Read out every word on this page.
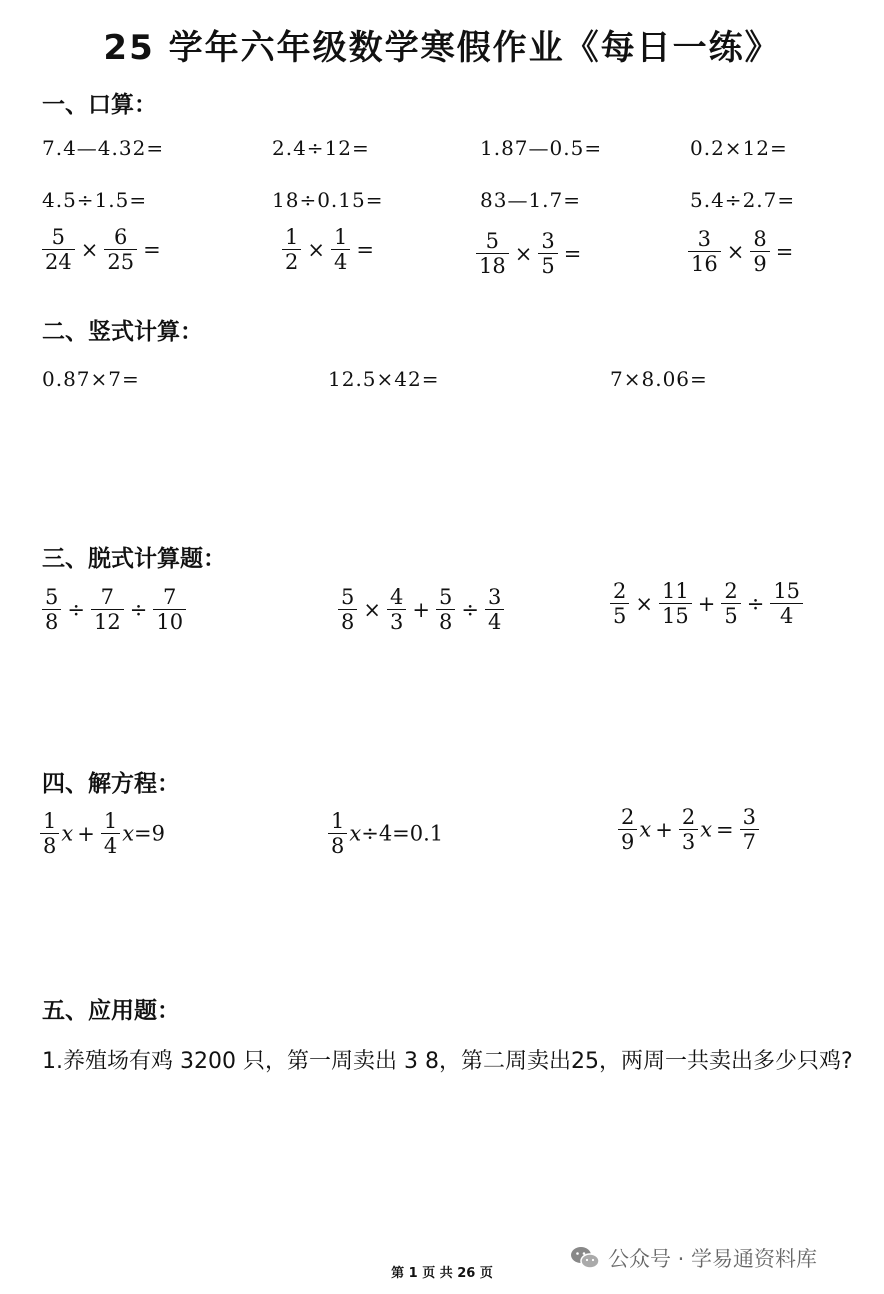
25 学年六年级数学寒假作业《每日一练》
一、口算：
7.4—4.32=	2.4÷12=	1.87—0.5=	0.2×12=
4.5÷1.5=	18÷0.15=	83—1.7=	5.4÷2.7=
$\frac{5}{24} \times \frac{6}{25}$ =	$\frac{1}{2} \times \frac{1}{4}$ =	$\frac{5}{18} \times \frac{3}{5}$ =	$\frac{3}{16} \times \frac{8}{9}$ =
二、竖式计算：
0.87×7=	12.5×42=	7×8.06=
三、脱式计算题：
$\frac{5}{8} \div \frac{7}{12} \div \frac{7}{10}$	$\frac{5}{8} \times \frac{4}{3} + \frac{5}{8} \div \frac{3}{4}$	$\frac{2}{5} \times \frac{11}{15} + \frac{2}{5} \div \frac{15}{4}$
四、解方程：
$\frac{1}{8}$ $x + \frac{1}{4} x=9$	$\frac{1}{8} x\div 4=0.1$	$\frac{2}{9}$ $x + \frac{2}{3}$ $x = \frac{3}{7}$
五、应用题：
1.养殖场有鸡 3200 只，第一周卖出 3 8，第二周卖出25，两周一共卖出多少只鸡?
第 1 页 共 26 页
公众号 · 学易通资料库
